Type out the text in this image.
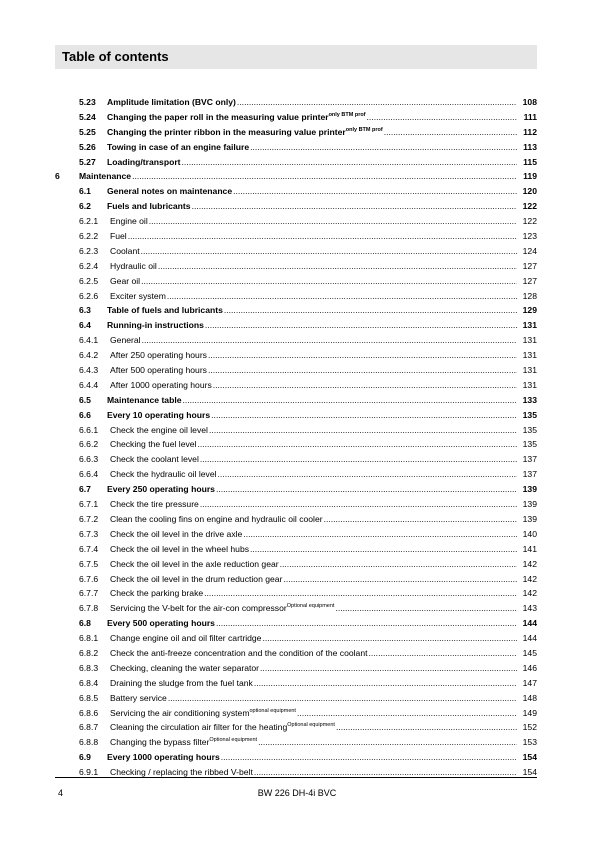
Table of contents
5.23 Amplitude limitation (BVC only) .....	108
5.24 Changing the paper roll in the measuring value printer$^{only BTM prof}$ .....	111
5.25 Changing the printer ribbon in the measuring value printer$^{only BTM prof}$ .....	112
5.26 Towing in case of an engine failure .....	113
5.27 Loading/transport .....	115
6 Maintenance .....	119
6.1 General notes on maintenance .....	120
6.2 Fuels and lubricants .....	122
6.2.1 Engine oil .....	122
6.2.2 Fuel .....	123
6.2.3 Coolant .....	124
6.2.4 Hydraulic oil .....	127
6.2.5 Gear oil .....	127
6.2.6 Exciter system .....	128
6.3 Table of fuels and lubricants .....	129
6.4 Running-in instructions .....	131
6.4.1 General .....	131
6.4.2 After 250 operating hours .....	131
6.4.3 After 500 operating hours .....	131
6.4.4 After 1000 operating hours .....	131
6.5 Maintenance table .....	133
6.6 Every 10 operating hours .....	135
6.6.1 Check the engine oil level .....	135
6.6.2 Checking the fuel level .....	135
6.6.3 Check the coolant level .....	137
6.6.4 Check the hydraulic oil level .....	137
6.7 Every 250 operating hours .....	139
6.7.1 Check the tire pressure .....	139
6.7.2 Clean the cooling fins on engine and hydraulic oil cooler .....	139
6.7.3 Check the oil level in the drive axle .....	140
6.7.4 Check the oil level in the wheel hubs .....	141
6.7.5 Check the oil level in the axle reduction gear .....	142
6.7.6 Check the oil level in the drum reduction gear .....	142
6.7.7 Check the parking brake .....	142
6.7.8 Servicing the V-belt for the air-con compressor$^{Optional equipment}$ .....	143
6.8 Every 500 operating hours .....	144
6.8.1 Change engine oil and oil filter cartridge .....	144
6.8.2 Check the anti-freeze concentration and the condition of the coolant .....	145
6.8.3 Checking, cleaning the water separator .....	146
6.8.4 Draining the sludge from the fuel tank .....	147
6.8.5 Battery service .....	148
6.8.6 Servicing the air conditioning system$^{optional equipment}$ .....	149
6.8.7 Cleaning the circulation air filter for the heating$^{Optional equipment}$ .....	152
6.8.8 Changing the bypass filter$^{Optional equipment}$ .....	153
6.9 Every 1000 operating hours .....	154
6.9.1 Checking / replacing the ribbed V-belt .....	154
4	BW 226 DH-4i BVC
